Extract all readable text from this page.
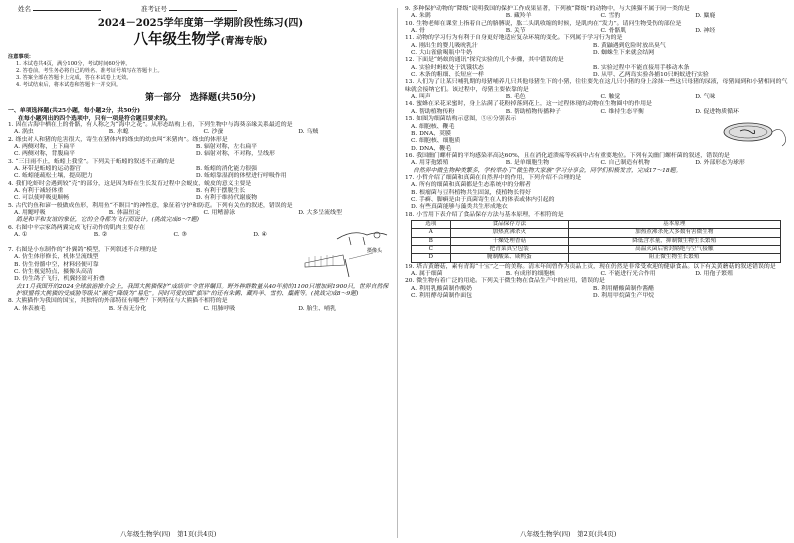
姓名	准考证号
2024－2025学年度第一学期阶段性练习(四)
八年级生物学(青海专版)
注意事项：
1. 本试卷共4页，满分100分，考试时间60分钟。
2. 答卷前，考生务必将自己的姓名、准考证号填写在答题卡上。
3. 答案全部在答题卡上完成，答在本试卷上无效。
4. 考试结束后，将本试卷和答题卡一并交回。
第一部分　选择题(共50分)
一、单项选择题(共25小题，每小题2分，共50分)
在每小题列出的四个选项中，只有一项是符合题目要求的。
1. 因在古海中栖在上的骨骼，有人称之为“海中之花”。从形态结构上看，下列生物中与海葵亲缘关系最近的是
A. 涡虫	B. 水螅	C. 沙蚕	D. 乌贼
2. 绦虫对人和猪的危害很大，寄生在猪体内的绦虫的幼虫叫“米猪肉”。绦虫的体形是
A. 两侧对称，上下扁平	B. 辐射对称，左右扁平
C. 两侧对称，背腹扁平	D. 辐射对称，不对称，呈线形
3. “三日雨不止，蚯蚓上我堂”。下列关于蚯蚓的叙述不正确的是
A. 环带是蚯蚓的运动器官	B. 蚯蚓的消化能力很强
C. 蚯蚓能疏松土壤，提高肥力	D. 蚯蚓靠湿润的体壁进行呼吸作用
4. 我们吃虾时会遇到较“壳”的部分，这是因为虾在生长发育过程中会蜕皮，蜕皮的意义主要是
A. 有利于减轻体重	B. 有利于摆脱生长
C. 可以使呼吸更顺畅	D. 有利于维持代谢废物
5. 古代钓鱼和谚一般做成鱼形，利用鱼“不瞑目”的神性意，象征着守护和防范。下列有关鱼的叙述，错误的是
A. 用鳃呼吸	B. 体温恒定	C. 用鳍游泳	D. 大多呈流线型
鸽是和平和友谊的象征，它的全身都为飞行而设计。(挑战完成6～7题)
6. 右图中辛宗家鸽两翼完成飞行动作的肌肉主要存在
A. ①	B. ②	C. ③	D. ④
7. 右图是小东制作的“扑翼鸽”模型，下列叙述不合理的是
A. 仿生体形修长，机体呈流线型
B. 仿生骨骼中空，材料轻便可靠
C. 仿生视觉特点，摄像头高清
D. 仿生鸽子飞行，机翼轻盈可折叠
摄像头
去11月我国开的2024全球旅游推介会上，我国大熊猫保护“成绩单”令世界瞩目。野外种群数量从40年前的1100只增加到1900只，世界自然保护联盟将大熊猫的受威胁等级从“濒危”降级为“易危”。同时可爱的国“旗军”的还有朱鹮、藏羚羊、雪豹、麋鹿等。(挑战完成8～9题)
8. 大熊猫作为我国的国宝，其独特的外部特征有哪些？下列特征与大熊猫不相符的是
A. 体表被毛	B. 牙齿无分化	C. 用肺呼吸	D. 胎生、哺乳
9. 多种保护动物的“降级”说明我国的保护工作成果显著，下列被“降级”的动物中，与大熊猫不属于同一类的是
A. 朱鹮	B. 藏羚羊	C. 雪豹	D. 麋鹿
10. 生物老师在课堂上指着自己的胳膊说，肱二头肌收缩的时候，是肌肉在“发力”。请问生物受伤的部位是
A. 骨	B. 关节	C. 骨骼肌	D. 神经
11. 动物的学习行为有利于自身更好地适应复杂环境的变化。下列属于学习行为的是
A. 刚出生的婴儿吸吮乳汁	B. 黄鼬遇到危险时放出臭气
C. 大山雀偷喝瓶中牛奶	D. 蜘蛛生下来就会结网
12. 下面是“蚂蚁的通讯”探究实验的几个步骤，其中错误的是
A. 实验时蚂蚁处于饥饿状态	B. 实验过程中不能直接用手移动木条
C. 木条的粗细、长短应一样	D. 从甲、乙两岛实验各捕10只蚂蚁进行实验
13. 人们为了让某只哺乳期的母猪哺养几只其他母猪生下的小猪，往往要先在这几只小猪的身上涂抹一些这只母猪的尿液，母猪闻到和小猪相同的气味就会接纳它们。该过程中，母猪主要依靠的是
A. 叫声	B. 毛色	C. 触觉	D. 气味
14. 蜜蜂在采花采蜜时，身上沾满了花粉掉落到花上，这一过程体现的动物在生物圈中的作用是
A. 帮助植物传粉	B. 帮助植物传播种子	C. 维持生态平衡	D. 促进物质循环
15. 如图为细菌结构示意图，⑤⑥分别表示
A. 细胞核、鞭毛
B. DNA、荚膜
C. 细胞核、细胞质
D. DNA、鞭毛
16. 我国幽门螺杆菌的平均感染率高达60%，且在消化道溃疡等疾病中占有重要地位。下列有关幽门螺杆菌的叙述，错误的是
A. 用芽孢繁殖	B. 是单细胞生物	C. 自己制造有机物	D. 外部形态为球形
自然界中微生物种类繁多，学校举办了“微生物大家族”学习分享会，同学们积极发言，完成17～18题。
17. 小哲介绍了细菌和真菌在自然界中的作用，下列介绍不合理的是
A. 所有的细菌和真菌都是生态系统中的分解者
B. 根瘤菌与豆科植物共生固氮，使植物长得好
C. 手癣、脚癣是由于真菌寄生在人的体表或体内引起的
D. 有些真菌能够与藻类共生形成地衣
18. 小雪用下表介绍了食品保存方法与基本原理，不相符的是
选项	食品保存方法	基本原理
A	加热煮沸杀灭	加热煮沸杀死大多数有害微生物
B	干燥处理香菇	降低含水量，抑制微生物生长繁殖
C	把青菜真空包装	高温灭菌后密封隔绝与空气接触
D	腌制酸菜、咸鸭蛋	阻止微生物生长繁殖
19. 塔吉黄蘑菇，素有青海“十宝”之一的美称。清末年间曾作为贡品上贡，现在仍然是非常受欢迎的健康食品。以下有关黄蘑菇的叙述错误的是
A. 属于细菌	B. 有成形的细胞核	C. 不能进行光合作用	D. 用孢子繁殖
20. 微生物有着广泛的用途。下列关于微生物在食品生产中的应用，错误的是
A. 利用乳酸菌制作酸奶	B. 利用醋酸菌制作酱醋
C. 利用酵母菌制作面包	D. 利用甲烷菌生产甲烷
八年级生物学(四)　第1页(共4页)	八年级生物学(四)　第2页(共4页)
